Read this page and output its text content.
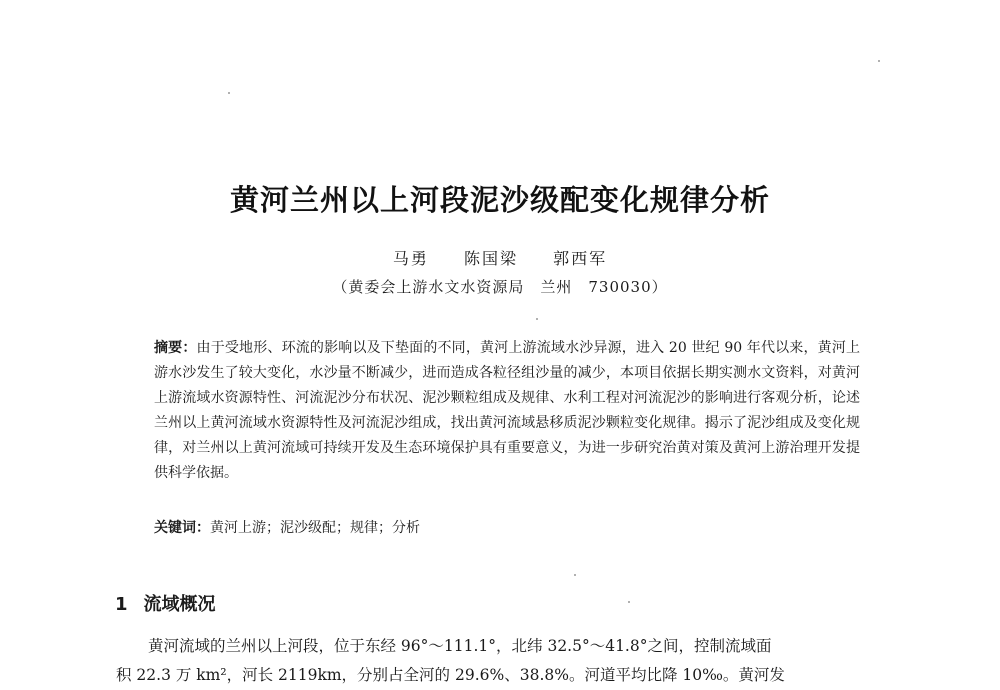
黄河兰州以上河段泥沙级配变化规律分析
马勇 陈国梁 郭西军
（黄委会上游水文水资源局　兰州　730030）
摘要：由于受地形、环流的影响以及下垫面的不同，黄河上游流域水沙异源，进入 20 世纪 90 年代以来，黄河上游水沙发生了较大变化，水沙量不断减少，进而造成各粒径组沙量的减少，本项目依据长期实测水文资料，对黄河上游流域水资源特性、河流泥沙分布状况、泥沙颗粒组成及规律、水利工程对河流泥沙的影响进行客观分析，论述兰州以上黄河流域水资源特性及河流泥沙组成，找出黄河流域悬移质泥沙颗粒变化规律。揭示了泥沙组成及变化规律，对兰州以上黄河流域可持续开发及生态环境保护具有重要意义，为进一步研究治黄对策及黄河上游治理开发提供科学依据。
关键词：黄河上游；泥沙级配；规律；分析
1 流域概况
黄河流域的兰州以上河段，位于东经 96°～111.1°，北纬 32.5°～41.8°之间，控制流域面
积 22.3 万 km²，河长 2119km，分别占全河的 29.6%、38.8%。河道平均比降 10‰。黄河发
